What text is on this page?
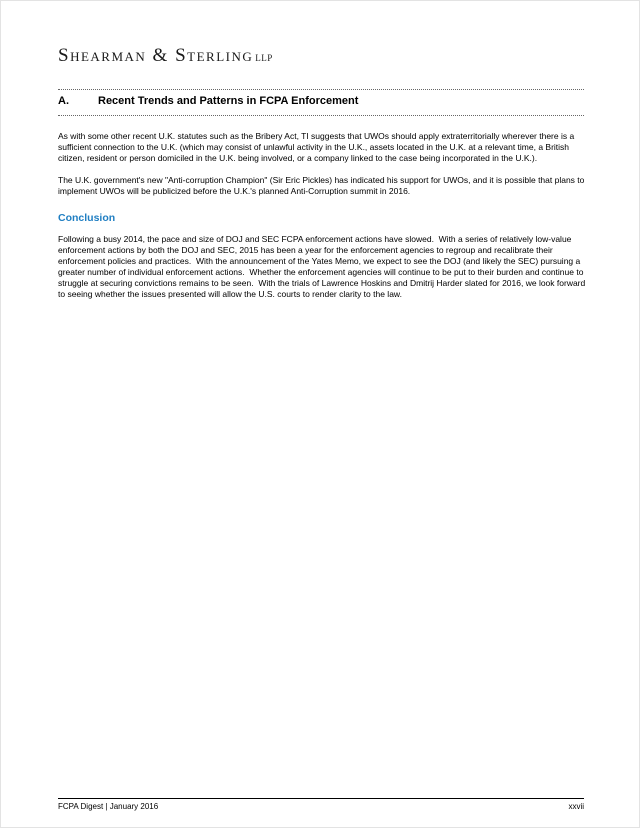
Shearman & Sterling LLP
A.	Recent Trends and Patterns in FCPA Enforcement

As with some other recent U.K. statutes such as the Bribery Act, TI suggests that UWOs should apply extraterritorially wherever there is a sufficient connection to the U.K. (which may consist of unlawful activity in the U.K., assets located in the U.K. at a relevant time, a British citizen, resident or person domiciled in the U.K. being involved, or a company linked to the case being incorporated in the U.K.).

The U.K. government's new "Anti-corruption Champion" (Sir Eric Pickles) has indicated his support for UWOs, and it is possible that plans to implement UWOs will be publicized before the U.K.'s planned Anti-Corruption summit in 2016.

Conclusion

Following a busy 2014, the pace and size of DOJ and SEC FCPA enforcement actions have slowed.  With a series of relatively low-value enforcement actions by both the DOJ and SEC, 2015 has been a year for the enforcement agencies to regroup and recalibrate their enforcement policies and practices.  With the announcement of the Yates Memo, we expect to see the DOJ (and likely the SEC) pursuing a greater number of individual enforcement actions.  Whether the enforcement agencies will continue to be put to their burden and continue to struggle at securing convictions remains to be seen.  With the trials of Lawrence Hoskins and Dmitrij Harder slated for 2016, we look forward to seeing whether the issues presented will allow the U.S. courts to render clarity to the law.

FCPA Digest | January 2016	xxvii
